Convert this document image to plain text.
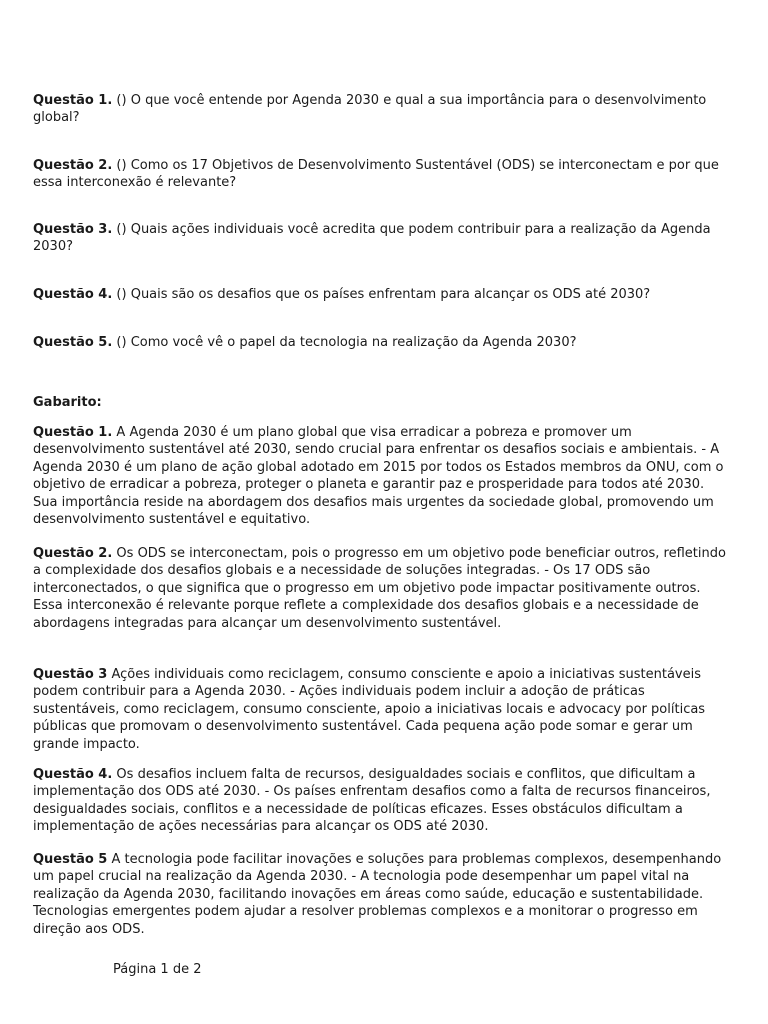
Questão 1. () O que você entende por Agenda 2030 e qual a sua importância para o desenvolvimento global?

Questão 2. () Como os 17 Objetivos de Desenvolvimento Sustentável (ODS) se interconectam e por que essa interconexão é relevante?

Questão 3. () Quais ações individuais você acredita que podem contribuir para a realização da Agenda 2030?

Questão 4. () Quais são os desafios que os países enfrentam para alcançar os ODS até 2030?

Questão 5. () Como você vê o papel da tecnologia na realização da Agenda 2030?

Gabarito:

Questão 1. A Agenda 2030 é um plano global que visa erradicar a pobreza e promover um desenvolvimento sustentável até 2030, sendo crucial para enfrentar os desafios sociais e ambientais. - A Agenda 2030 é um plano de ação global adotado em 2015 por todos os Estados membros da ONU, com o objetivo de erradicar a pobreza, proteger o planeta e garantir paz e prosperidade para todos até 2030. Sua importância reside na abordagem dos desafios mais urgentes da sociedade global, promovendo um desenvolvimento sustentável e equitativo.

Questão 2. Os ODS se interconectam, pois o progresso em um objetivo pode beneficiar outros, refletindo a complexidade dos desafios globais e a necessidade de soluções integradas. - Os 17 ODS são interconectados, o que significa que o progresso em um objetivo pode impactar positivamente outros. Essa interconexão é relevante porque reflete a complexidade dos desafios globais e a necessidade de abordagens integradas para alcançar um desenvolvimento sustentável.

Questão 3 Ações individuais como reciclagem, consumo consciente e apoio a iniciativas sustentáveis podem contribuir para a Agenda 2030. - Ações individuais podem incluir a adoção de práticas sustentáveis, como reciclagem, consumo consciente, apoio a iniciativas locais e advocacy por políticas públicas que promovam o desenvolvimento sustentável. Cada pequena ação pode somar e gerar um grande impacto.

Questão 4. Os desafios incluem falta de recursos, desigualdades sociais e conflitos, que dificultam a implementação dos ODS até 2030. - Os países enfrentam desafios como a falta de recursos financeiros, desigualdades sociais, conflitos e a necessidade de políticas eficazes. Esses obstáculos dificultam a implementação de ações necessárias para alcançar os ODS até 2030.

Questão 5 A tecnologia pode facilitar inovações e soluções para problemas complexos, desempenhando um papel crucial na realização da Agenda 2030. - A tecnologia pode desempenhar um papel vital na realização da Agenda 2030, facilitando inovações em áreas como saúde, educação e sustentabilidade. Tecnologias emergentes podem ajudar a resolver problemas complexos e a monitorar o progresso em direção aos ODS.

Página 1 de 2
